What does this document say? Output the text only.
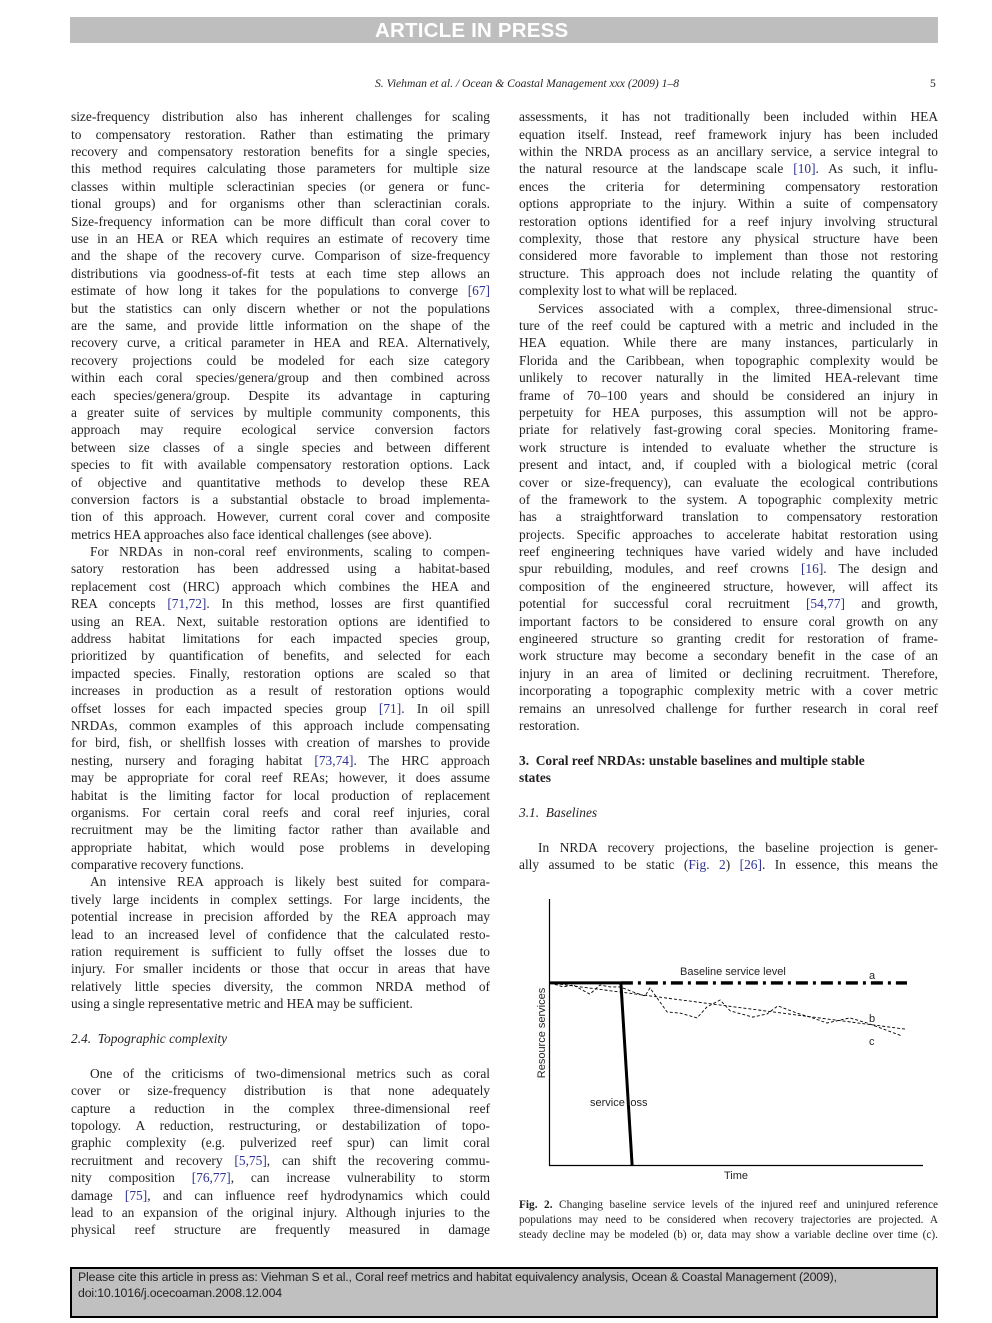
ARTICLE IN PRESS
S. Viehman et al. / Ocean & Coastal Management xxx (2009) 1–8	5
size-frequency distribution also has inherent challenges for scaling
to compensatory restoration. Rather than estimating the primary
recovery and compensatory restoration benefits for a single species,
this method requires calculating those parameters for multiple size
classes within multiple scleractinian species (or genera or func-
tional groups) and for organisms other than scleractinian corals.
Size-frequency information can be more difficult than coral cover to
use in an HEA or REA which requires an estimate of recovery time
and the shape of the recovery curve. Comparison of size-frequency
distributions via goodness-of-fit tests at each time step allows an
estimate of how long it takes for the populations to converge [67]
but the statistics can only discern whether or not the populations
are the same, and provide little information on the shape of the
recovery curve, a critical parameter in HEA and REA. Alternatively,
recovery projections could be modeled for each size category
within each coral species/genera/group and then combined across
each species/genera/group. Despite its advantage in capturing
a greater suite of services by multiple community components, this
approach may require ecological service conversion factors
between size classes of a single species and between different
species to fit with available compensatory restoration options. Lack
of objective and quantitative methods to develop these REA
conversion factors is a substantial obstacle to broad implementa-
tion of this approach. However, current coral cover and composite
metrics HEA approaches also face identical challenges (see above).
For NRDAs in non-coral reef environments, scaling to compen-
satory restoration has been addressed using a habitat-based
replacement cost (HRC) approach which combines the HEA and
REA concepts [71,72]. In this method, losses are first quantified
using an REA. Next, suitable restoration options are identified to
address habitat limitations for each impacted species group,
prioritized by quantification of benefits, and selected for each
impacted species. Finally, restoration options are scaled so that
increases in production as a result of restoration options would
offset losses for each impacted species group [71]. In oil spill
NRDAs, common examples of this approach include compensating
for bird, fish, or shellfish losses with creation of marshes to provide
nesting, nursery and foraging habitat [73,74]. The HRC approach
may be appropriate for coral reef REAs; however, it does assume
habitat is the limiting factor for local production of replacement
organisms. For certain coral reefs and coral reef injuries, coral
recruitment may be the limiting factor rather than available and
appropriate habitat, which would pose problems in developing
comparative recovery functions.
An intensive REA approach is likely best suited for compara-
tively large incidents in complex settings. For large incidents, the
potential increase in precision afforded by the REA approach may
lead to an increased level of confidence that the calculated resto-
ration requirement is sufficient to fully offset the losses due to
injury. For smaller incidents or those that occur in areas that have
relatively little species diversity, the common NRDA method of
using a single representative metric and HEA may be sufficient.
2.4.  Topographic complexity
One of the criticisms of two-dimensional metrics such as coral
cover or size-frequency distribution is that none adequately
capture a reduction in the complex three-dimensional reef
topology. A reduction, restructuring, or destabilization of topo-
graphic complexity (e.g. pulverized reef spur) can limit coral
recruitment and recovery [5,75], can shift the recovering commu-
nity composition [76,77], can increase vulnerability to storm
damage [75], and can influence reef hydrodynamics which could
lead to an expansion of the original injury. Although injuries to the
physical reef structure are frequently measured in damage
assessments, it has not traditionally been included within HEA
equation itself. Instead, reef framework injury has been included
within the NRDA process as an ancillary service, a service integral to
the natural resource at the landscape scale [10]. As such, it influ-
ences the criteria for determining compensatory restoration
options appropriate to the injury. Within a suite of compensatory
restoration options identified for a reef injury involving structural
complexity, those that restore any physical structure have been
considered more favorable to implement than those not restoring
structure. This approach does not include relating the quantity of
complexity lost to what will be replaced.
Services associated with a complex, three-dimensional struc-
ture of the reef could be captured with a metric and included in the
HEA equation. While there are many instances, particularly in
Florida and the Caribbean, when topographic complexity would be
unlikely to recover naturally in the limited HEA-relevant time
frame of 70–100 years and should be considered an injury in
perpetuity for HEA purposes, this assumption will not be appro-
priate for relatively fast-growing coral species. Monitoring frame-
work structure is intended to evaluate whether the structure is
present and intact, and, if coupled with a biological metric (coral
cover or size-frequency), can evaluate the ecological contributions
of the framework to the system. A topographic complexity metric
has a straightforward translation to compensatory restoration
projects. Specific approaches to accelerate habitat restoration using
reef engineering techniques have varied widely and have included
spur rebuilding, modules, and reef crowns [16]. The design and
composition of the engineered structure, however, will affect its
potential for successful coral recruitment [54,77] and growth,
important factors to be considered to ensure coral growth on any
engineered structure so granting credit for restoration of frame-
work structure may become a secondary benefit in the case of an
injury in an area of limited or declining recruitment. Therefore,
incorporating a topographic complexity metric with a cover metric
remains an unresolved challenge for further research in coral reef
restoration.
3.  Coral reef NRDAs: unstable baselines and multiple stable
states
3.1.  Baselines
In NRDA recovery projections, the baseline projection is gener-
ally assumed to be static (Fig. 2) [26]. In essence, this means the
Baseline service level	a
b
c
service loss
Time
Resource services
Fig. 2. Changing baseline service levels of the injured reef and uninjured reference
populations may need to be considered when recovery trajectories are projected. A
steady decline may be modeled (b) or, data may show a variable decline over time (c).
Please cite this article in press as: Viehman S et al., Coral reef metrics and habitat equivalency analysis, Ocean & Coastal Management (2009),
doi:10.1016/j.ocecoaman.2008.12.004
